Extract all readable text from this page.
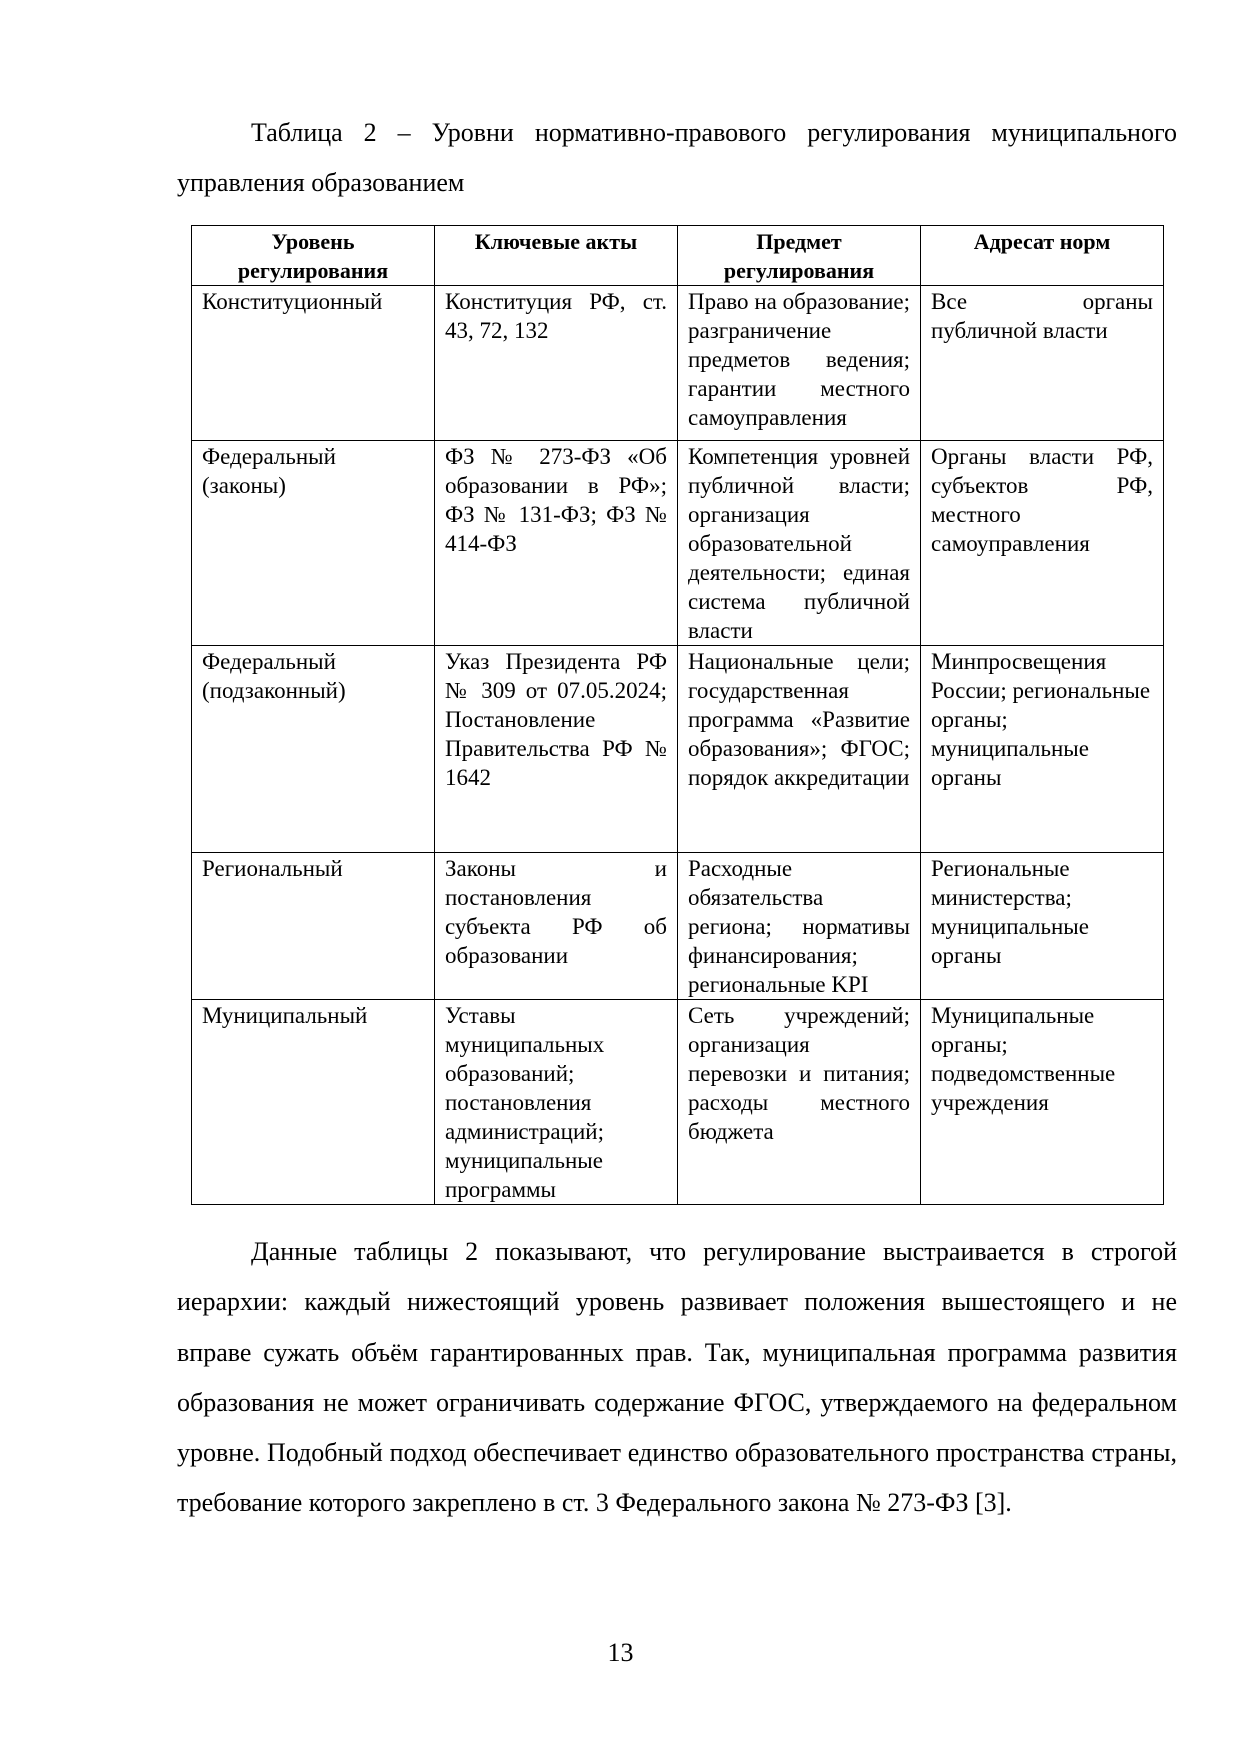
Таблица 2 – Уровни нормативно-правового регулирования муниципального управления образованием
Уровень регулирования	Ключевые акты	Предмет регулирования	Адресат норм
Конституционный	Конституция РФ, ст. 43, 72, 132	Право на образование; разграничение предметов ведения; гарантии местного самоуправления	Все органы публичной власти
Федеральный (законы)	ФЗ № 273-ФЗ «Об образовании в РФ»; ФЗ № 131-ФЗ; ФЗ № 414-ФЗ	Компетенция уровней публичной власти; организация образовательной деятельности; единая система публичной власти	Органы власти РФ, субъектов РФ, местного самоуправления
Федеральный (подзаконный)	Указ Президента РФ № 309 от 07.05.2024; Постановление Правительства РФ № 1642	Национальные цели; государственная программа «Развитие образования»; ФГОС; порядок аккредитации	Минпросвещения России; региональные органы; муниципальные органы
Региональный	Законы и постановления субъекта РФ об образовании	Расходные обязательства региона; нормативы финансирования; региональные KPI	Региональные министерства; муниципальные органы
Муниципальный	Уставы муниципальных образований; постановления администраций; муниципальные программы	Сеть учреждений; организация перевозки и питания; расходы местного бюджета	Муниципальные органы; подведомственные учреждения

Данные таблицы 2 показывают, что регулирование выстраивается в строгой иерархии: каждый нижестоящий уровень развивает положения вышестоящего и не вправе сужать объём гарантированных прав. Так, муниципальная программа развития образования не может ограничивать содержание ФГОС, утверждаемого на федеральном уровне. Подобный подход обеспечивает единство образовательного пространства страны, требование которого закреплено в ст. 3 Федерального закона № 273-ФЗ [3].

13
